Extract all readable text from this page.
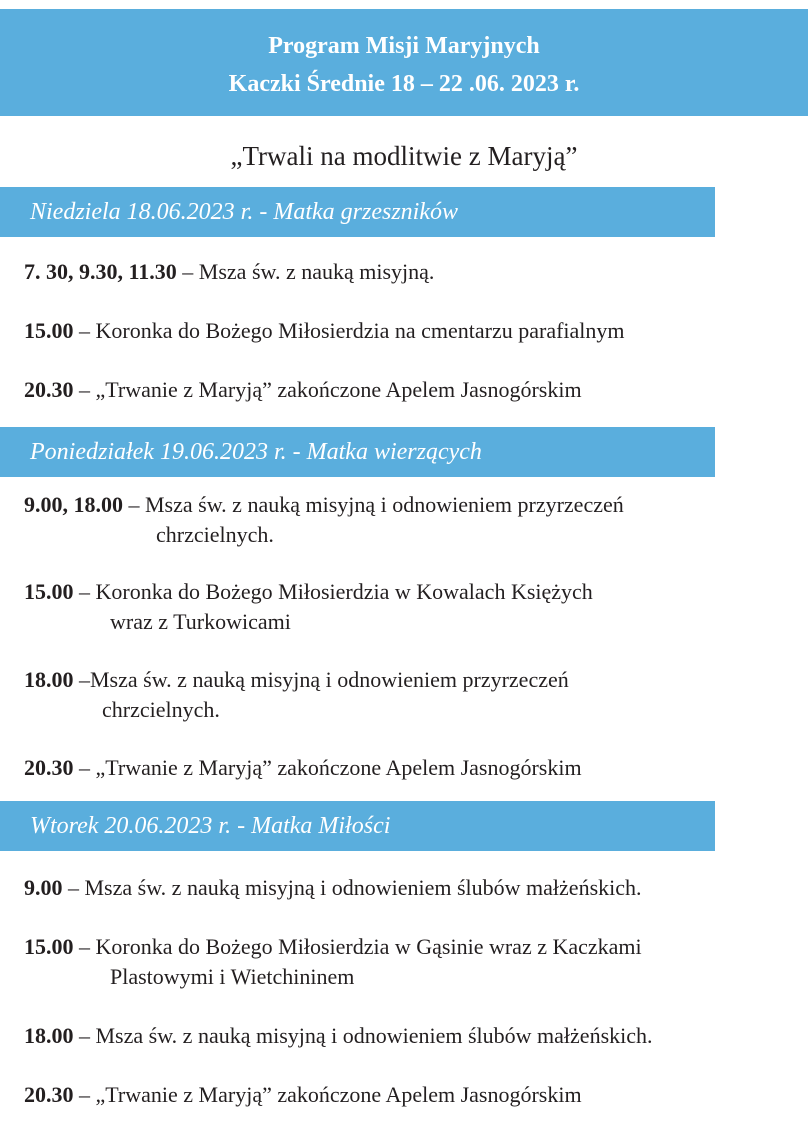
Program Misji Maryjnych
Kaczki Średnie 18 – 22 .06. 2023 r.
„Trwali na modlitwie z Maryją”
Niedziela 18.06.2023 r. - Matka grzeszników
7. 30, 9.30, 11.30 – Msza św. z nauką misyjną.
15.00 – Koronka do Bożego Miłosierdzia na cmentarzu parafialnym
20.30 – „Trwanie z Maryją” zakończone Apelem Jasnogórskim
Poniedziałek 19.06.2023 r. - Matka wierzących
9.00, 18.00 – Msza św. z nauką misyjną i odnowieniem przyrzeczeń
chrzcielnych.
15.00 – Koronka do Bożego Miłosierdzia w Kowalach Księżych
wraz z Turkowicami
18.00 –Msza św. z nauką misyjną i odnowieniem przyrzeczeń
chrzcielnych.
20.30 – „Trwanie z Maryją” zakończone Apelem Jasnogórskim
Wtorek 20.06.2023 r. - Matka Miłości
9.00 – Msza św. z nauką misyjną i odnowieniem ślubów małżeńskich.
15.00 – Koronka do Bożego Miłosierdzia w Gąsinie wraz z Kaczkami
Plastowymi i Wietchininem
18.00 – Msza św. z nauką misyjną i odnowieniem ślubów małżeńskich.
20.30 – „Trwanie z Maryją” zakończone Apelem Jasnogórskim
